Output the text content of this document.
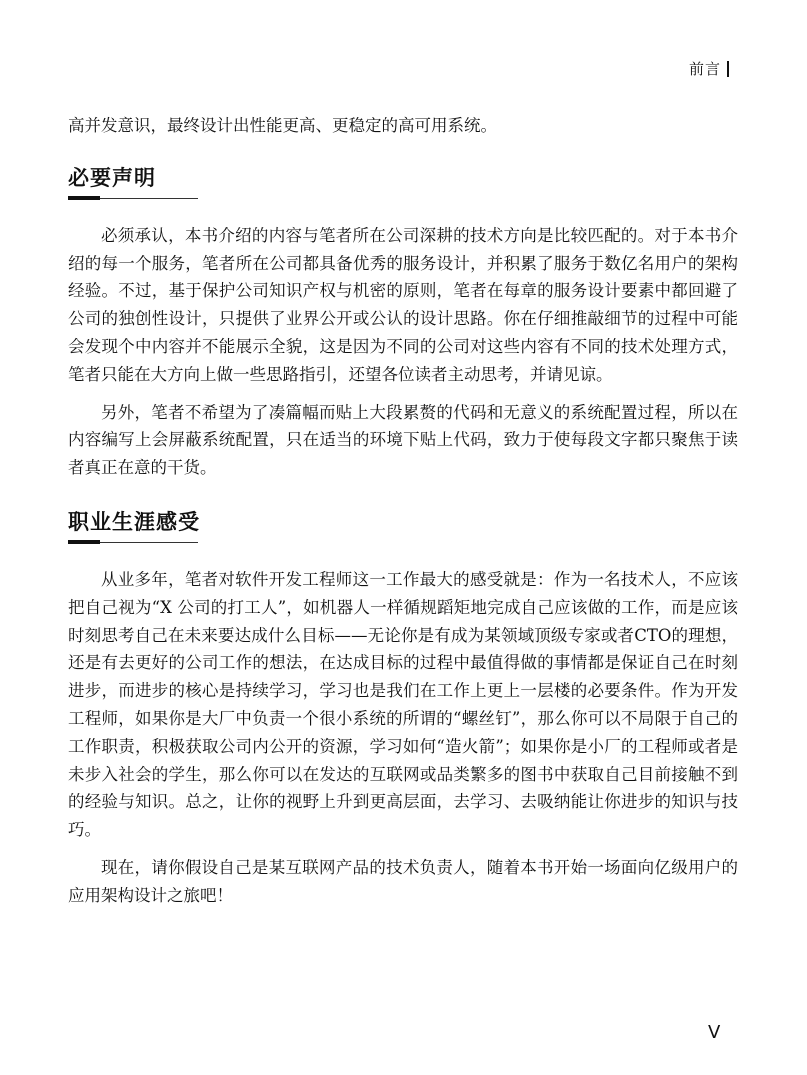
前言

高并发意识，最终设计出性能更高、更稳定的高可用系统。

必要声明

必须承认，本书介绍的内容与笔者所在公司深耕的技术方向是比较匹配的。对于本书介绍的每一个服务，笔者所在公司都具备优秀的服务设计，并积累了服务于数亿名用户的架构经验。不过，基于保护公司知识产权与机密的原则，笔者在每章的服务设计要素中都回避了公司的独创性设计，只提供了业界公开或公认的设计思路。你在仔细推敲细节的过程中可能会发现个中内容并不能展示全貌，这是因为不同的公司对这些内容有不同的技术处理方式，笔者只能在大方向上做一些思路指引，还望各位读者主动思考，并请见谅。

另外，笔者不希望为了凑篇幅而贴上大段累赘的代码和无意义的系统配置过程，所以在内容编写上会屏蔽系统配置，只在适当的环境下贴上代码，致力于使每段文字都只聚焦于读者真正在意的干货。

职业生涯感受

从业多年，笔者对软件开发工程师这一工作最大的感受就是：作为一名技术人，不应该把自己视为“X 公司的打工人”，如机器人一样循规蹈矩地完成自己应该做的工作，而是应该时刻思考自己在未来要达成什么目标——无论你是有成为某领域顶级专家或者CTO的理想，还是有去更好的公司工作的想法，在达成目标的过程中最值得做的事情都是保证自己在时刻进步，而进步的核心是持续学习，学习也是我们在工作上更上一层楼的必要条件。作为开发工程师，如果你是大厂中负责一个很小系统的所谓的“螺丝钉”，那么你可以不局限于自己的工作职责，积极获取公司内公开的资源，学习如何“造火箭”；如果你是小厂的工程师或者是未步入社会的学生，那么你可以在发达的互联网或品类繁多的图书中获取自己目前接触不到的经验与知识。总之，让你的视野上升到更高层面，去学习、去吸纳能让你进步的知识与技巧。

现在，请你假设自己是某互联网产品的技术负责人，随着本书开始一场面向亿级用户的应用架构设计之旅吧！

V
